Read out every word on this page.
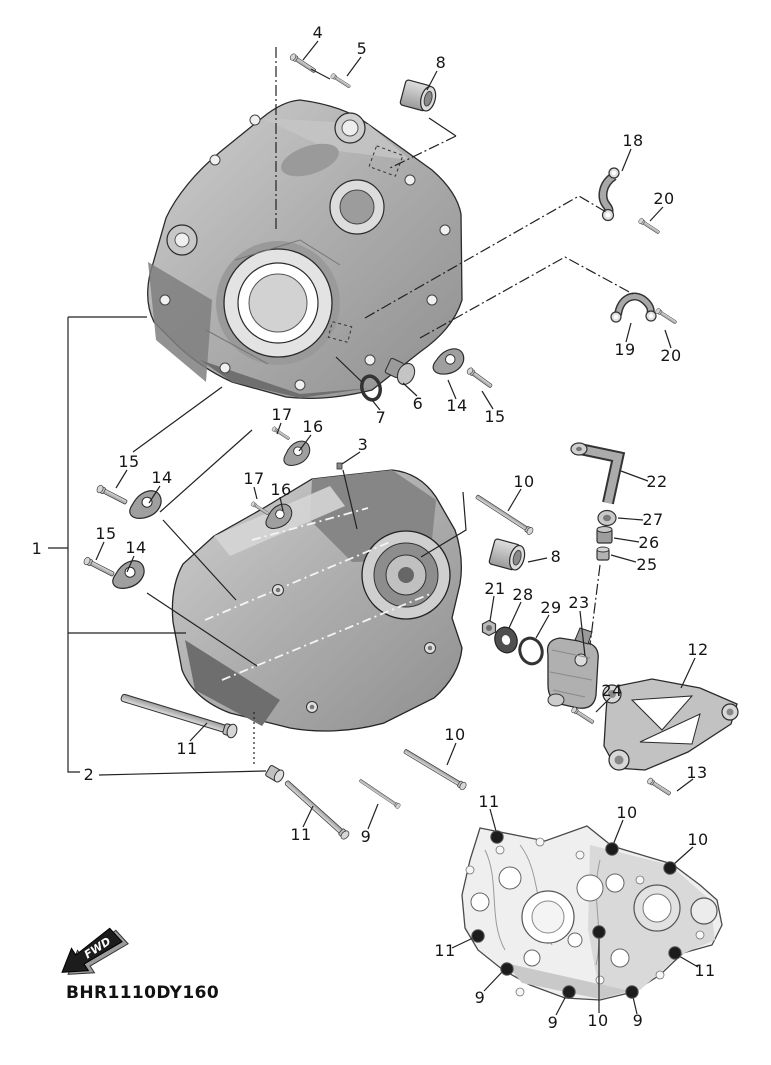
FWD
4
5
8
18
20
19 20
14
15
6
7
17
16
3
17
16
15
14
15
14
1
10	22
27
26
25
8
21 28
29 23
12
24
13
11
2
11	9
10
10
11
10
11
9
9 10 9
11
BHR1110DY160
